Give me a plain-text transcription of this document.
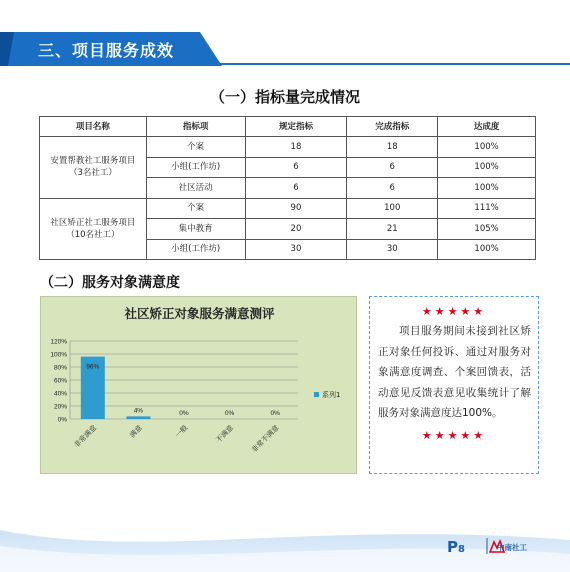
三、项目服务成效
（一）指标量完成情况
项目名称	指标项	规定指标	完成指标	达成度
安置帮教社工服务项目（3名社工）	个案	18	18	100%
	小组(工作坊)	6	6	100%
	社区活动	6	6	100%
社区矫正社工服务项目（10名社工）	个案	90	100	111%
	集中教育	20	21	105%
	小组(工作坊)	30	30	100%
（二）服务对象满意度
社区矫正对象服务满意测评
0%
20%
40%
60%
80%
100%
120%
96%
非常满意
4%
满意
0%
一般
0%
不满意
0%
非常不满意
系列1
★★★★★
项目服务期间未接到社区矫正对象任何投诉、通过对服务对象满意度调查、个案回馈表，活动意见反馈表意见收集统计了解服务对象满意度达100%。
★★★★★
P8	中南社工
